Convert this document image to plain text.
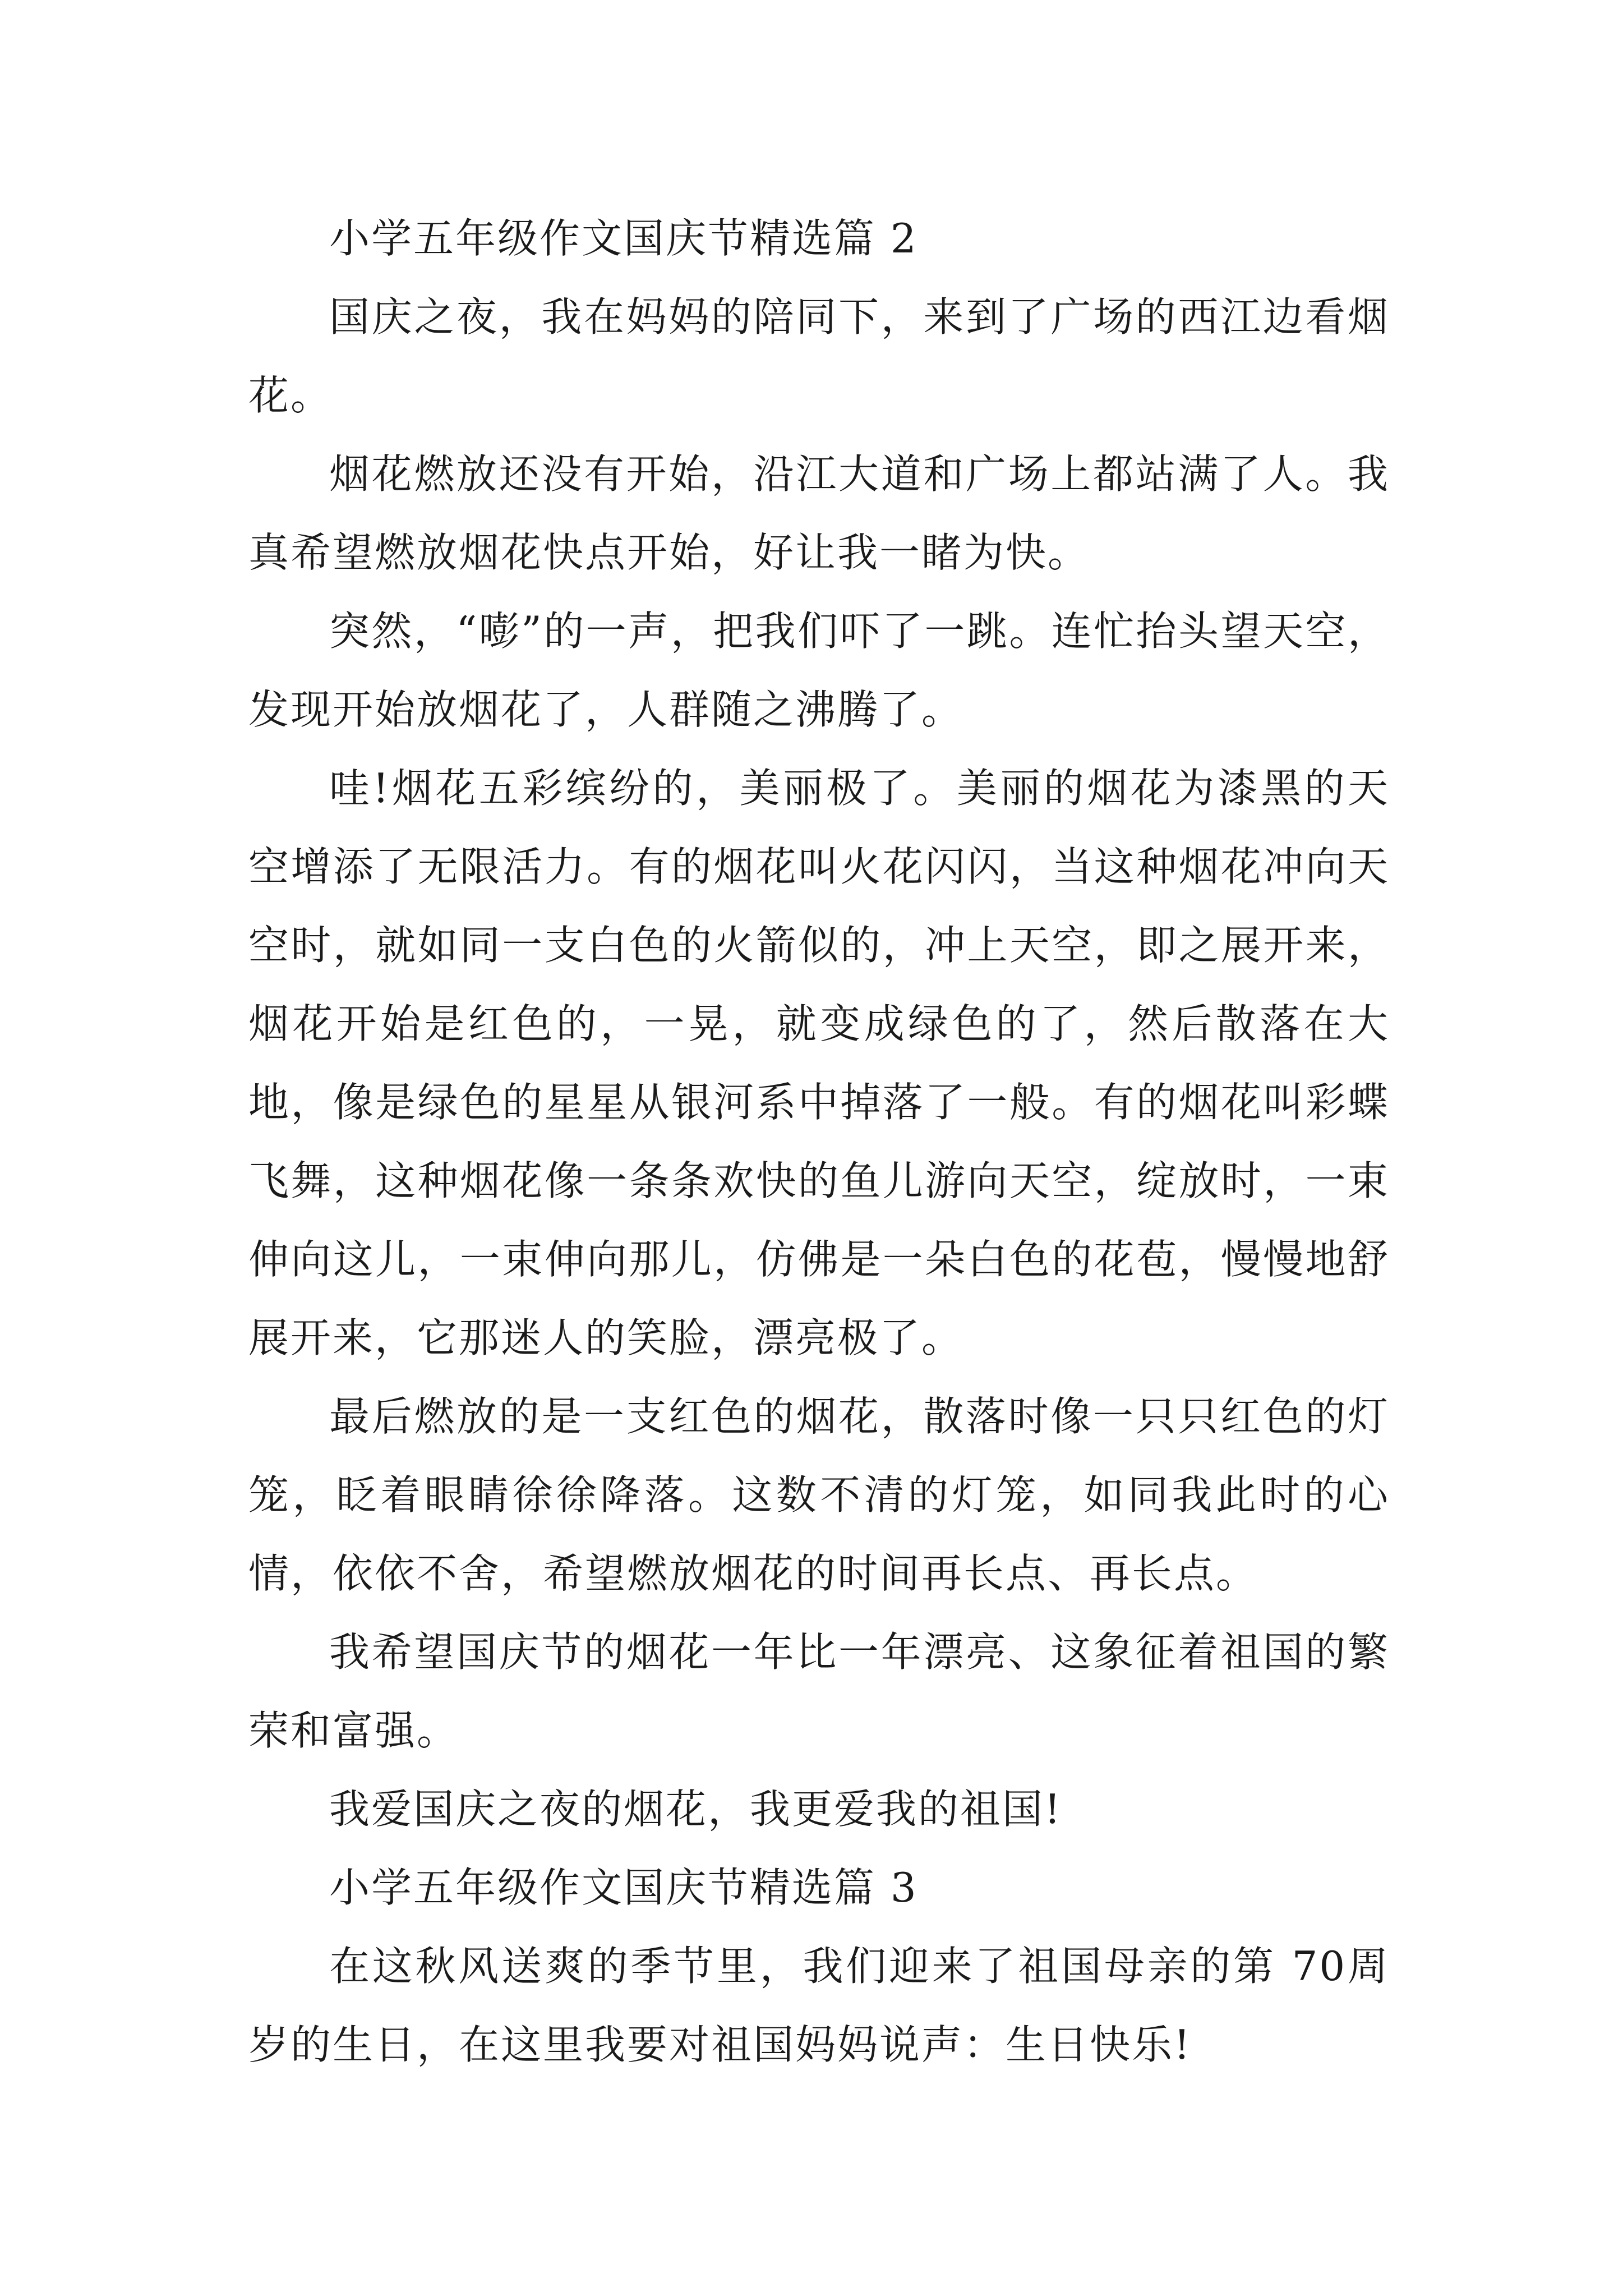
小学五年级作文国庆节精选篇 2

国庆之夜，我在妈妈的陪同下，来到了广场的西江边看烟花。

烟花燃放还没有开始，沿江大道和广场上都站满了人。我真希望燃放烟花快点开始，好让我一睹为快。

突然，“嘭”的一声，把我们吓了一跳。连忙抬头望天空，发现开始放烟花了，人群随之沸腾了。

哇!烟花五彩缤纷的，美丽极了。美丽的烟花为漆黑的天空增添了无限活力。有的烟花叫火花闪闪，当这种烟花冲向天空时，就如同一支白色的火箭似的，冲上天空，即之展开来，烟花开始是红色的，一晃，就变成绿色的了，然后散落在大地，像是绿色的星星从银河系中掉落了一般。有的烟花叫彩蝶飞舞，这种烟花像一条条欢快的鱼儿游向天空，绽放时，一束伸向这儿，一束伸向那儿，仿佛是一朵白色的花苞，慢慢地舒展开来，它那迷人的笑脸，漂亮极了。

最后燃放的是一支红色的烟花，散落时像一只只红色的灯笼，眨着眼睛徐徐降落。这数不清的灯笼，如同我此时的心情，依依不舍，希望燃放烟花的时间再长点、再长点。

我希望国庆节的烟花一年比一年漂亮、这象征着祖国的繁荣和富强。

我爱国庆之夜的烟花，我更爱我的祖国!

小学五年级作文国庆节精选篇 3

在这秋风送爽的季节里，我们迎来了祖国母亲的第 70周岁的生日，在这里我要对祖国妈妈说声：生日快乐!
